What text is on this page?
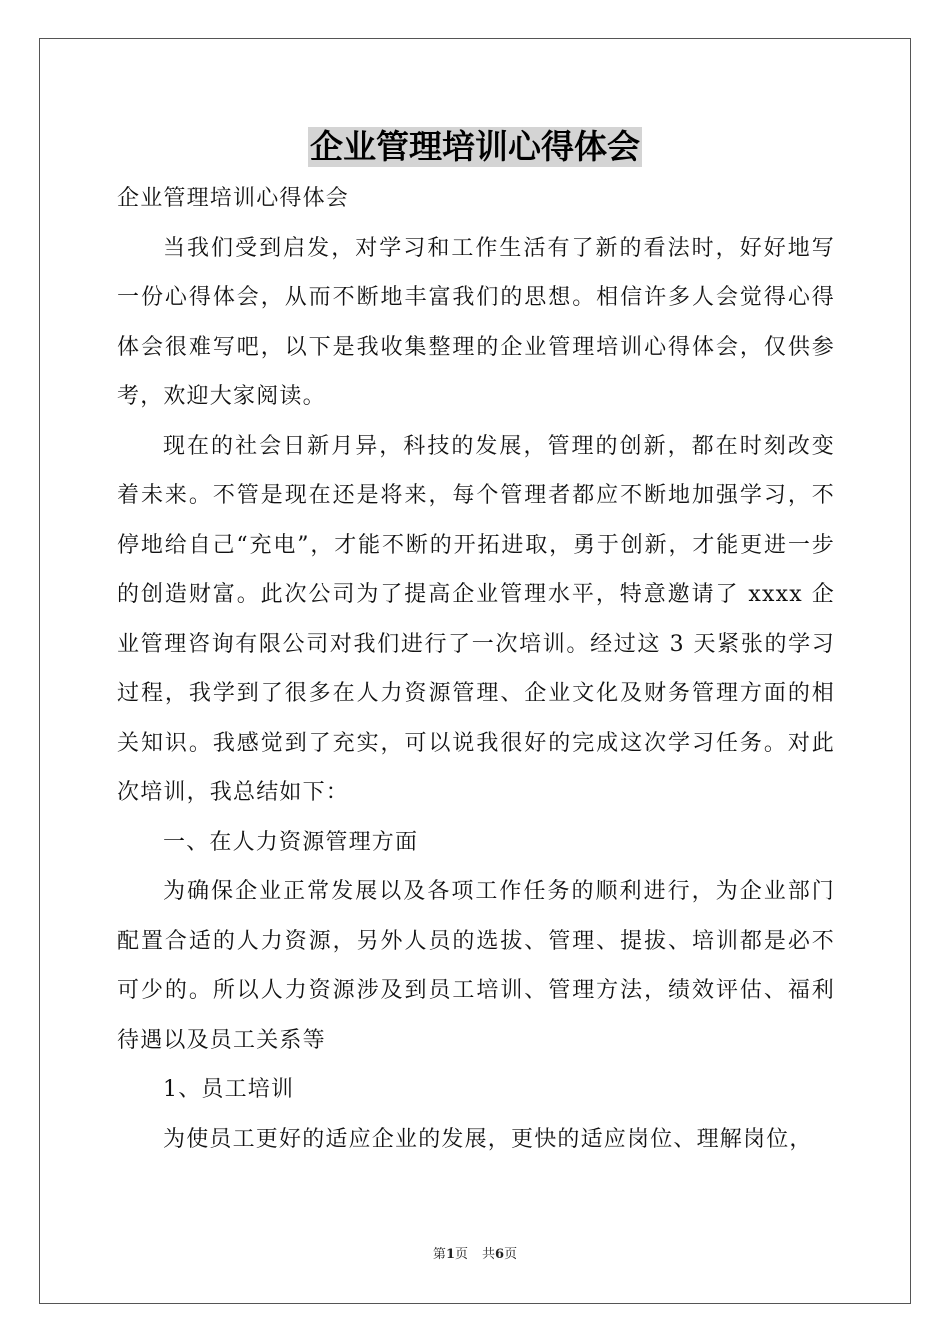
企业管理培训心得体会

企业管理培训心得体会

当我们受到启发，对学习和工作生活有了新的看法时，好好地写一份心得体会，从而不断地丰富我们的思想。相信许多人会觉得心得体会很难写吧，以下是我收集整理的企业管理培训心得体会，仅供参考，欢迎大家阅读。

现在的社会日新月异，科技的发展，管理的创新，都在时刻改变着未来。不管是现在还是将来，每个管理者都应不断地加强学习，不停地给自己“充电”，才能不断的开拓进取，勇于创新，才能更进一步的创造财富。此次公司为了提高企业管理水平，特意邀请了 xxxx 企业管理咨询有限公司对我们进行了一次培训。经过这 3 天紧张的学习过程，我学到了很多在人力资源管理、企业文化及财务管理方面的相关知识。我感觉到了充实，可以说我很好的完成这次学习任务。对此次培训，我总结如下：

一、在人力资源管理方面

为确保企业正常发展以及各项工作任务的顺利进行，为企业部门配置合适的人力资源，另外人员的选拔、管理、提拔、培训都是必不可少的。所以人力资源涉及到员工培训、管理方法，绩效评估、福利待遇以及员工关系等

1、员工培训

为使员工更好的适应企业的发展，更快的适应岗位、理解岗位，

第1页 共6页
